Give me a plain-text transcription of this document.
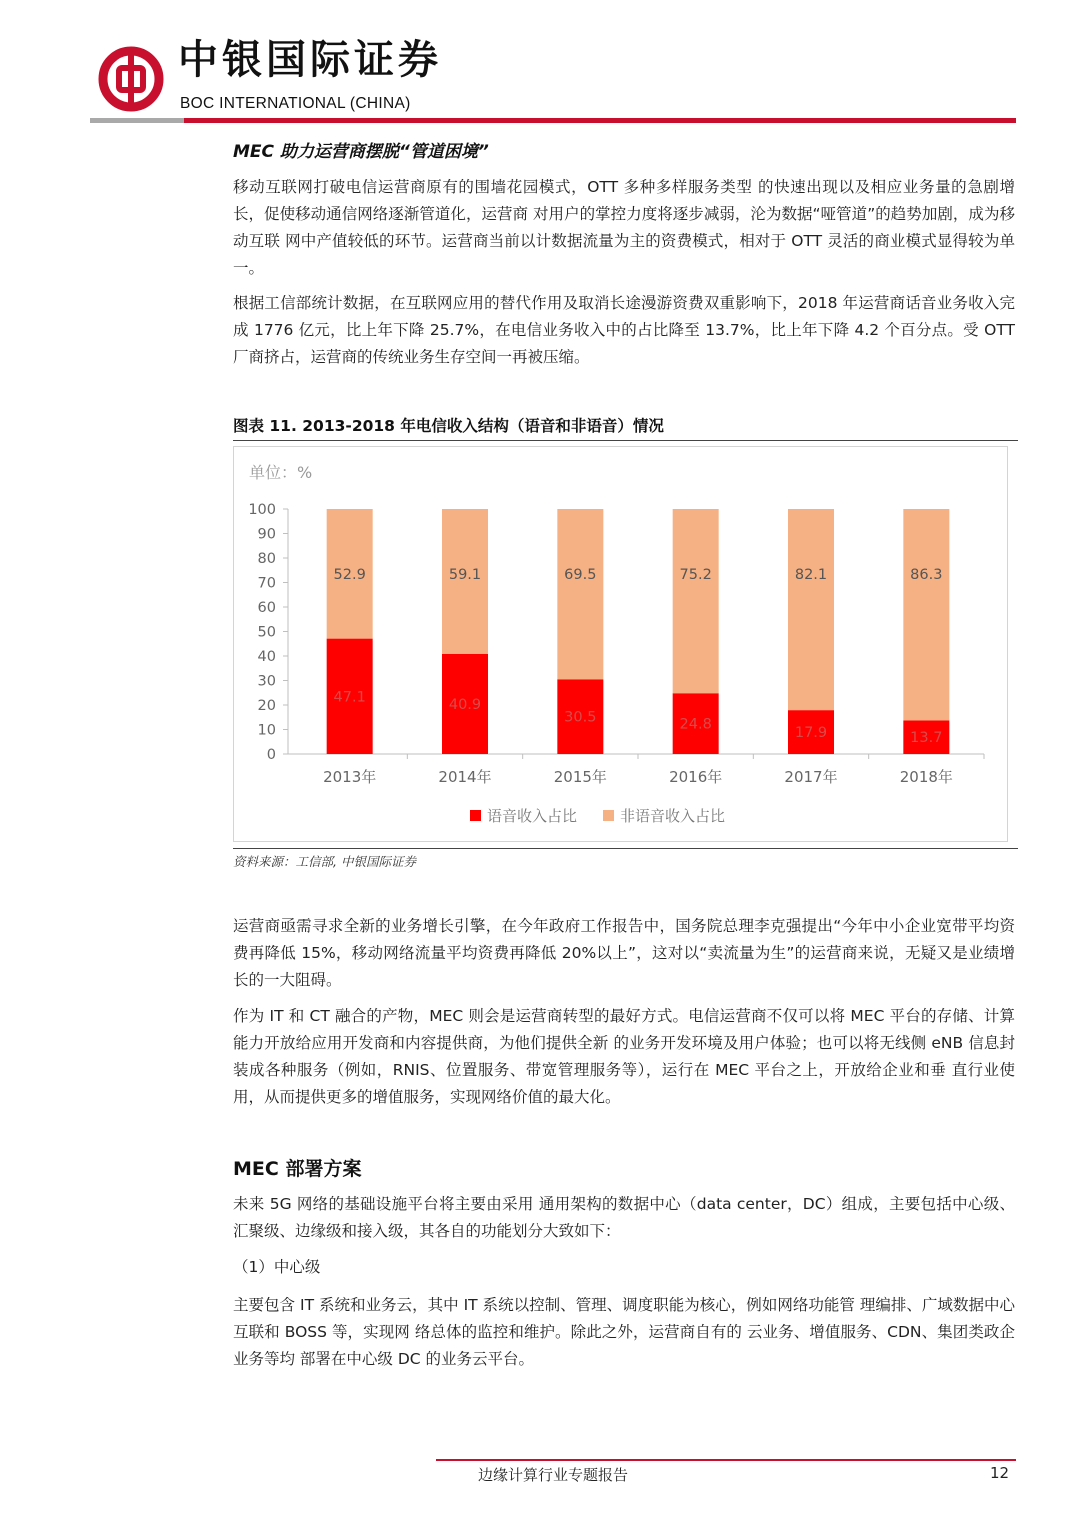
中银国际证券
BOC INTERNATIONAL (CHINA)
MEC 助力运营商摆脱“管道困境”
移动互联网打破电信运营商原有的围墙花园模式，OTT 多种多样服务类型 的快速出现以及相应业务量的急剧增长，促使移动通信网络逐渐管道化，运营商 对用户的掌控力度将逐步减弱，沦为数据“哑管道”的趋势加剧，成为移动互联 网中产值较低的环节。运营商当前以计数据流量为主的资费模式，相对于 OTT 灵活的商业模式显得较为单一。
根据工信部统计数据，在互联网应用的替代作用及取消长途漫游资费双重影响下，2018 年运营商话音业务收入完成 1776 亿元，比上年下降 25.7%，在电信业务收入中的占比降至 13.7%，比上年下降 4.2 个百分点。受 OTT 厂商挤占，运营商的传统业务生存空间一再被压缩。
图表 11. 2013-2018 年电信收入结构（语音和非语音）情况
单位：%
0
10
20
30
40
50
60
70
80
90
100
47.1
52.9
2013年
40.9
59.1
2014年
30.5
69.5
2015年
24.8
75.2
2016年
17.9
82.1
2017年
13.7
86.3
2018年
语音收入占比	非语音收入占比
资料来源：工信部, 中银国际证券
运营商亟需寻求全新的业务增长引擎，在今年政府工作报告中，国务院总理李克强提出“今年中小企业宽带平均资费再降低 15%，移动网络流量平均资费再降低 20%以上”，这对以“卖流量为生”的运营商来说，无疑又是业绩增长的一大阻碍。
作为 IT 和 CT 融合的产物，MEC 则会是运营商转型的最好方式。电信运营商不仅可以将 MEC 平台的存储、计算能力开放给应用开发商和内容提供商，为他们提供全新 的业务开发环境及用户体验；也可以将无线侧 eNB 信息封装成各种服务（例如，RNIS、位置服务、带宽管理服务等），运行在 MEC 平台之上，开放给企业和垂 直行业使用，从而提供更多的增值服务，实现网络价值的最大化。
MEC 部署方案
未来 5G 网络的基础设施平台将主要由采用 通用架构的数据中心（data center，DC）组成，主要包括中心级、汇聚级、边缘级和接入级，其各自的功能划分大致如下：
（1）中心级
主要包含 IT 系统和业务云，其中 IT 系统以控制、管理、调度职能为核心，例如网络功能管 理编排、广域数据中心互联和 BOSS 等，实现网 络总体的监控和维护。除此之外，运营商自有的 云业务、增值服务、CDN、集团类政企业务等均 部署在中心级 DC 的业务云平台。
边缘计算行业专题报告	12
